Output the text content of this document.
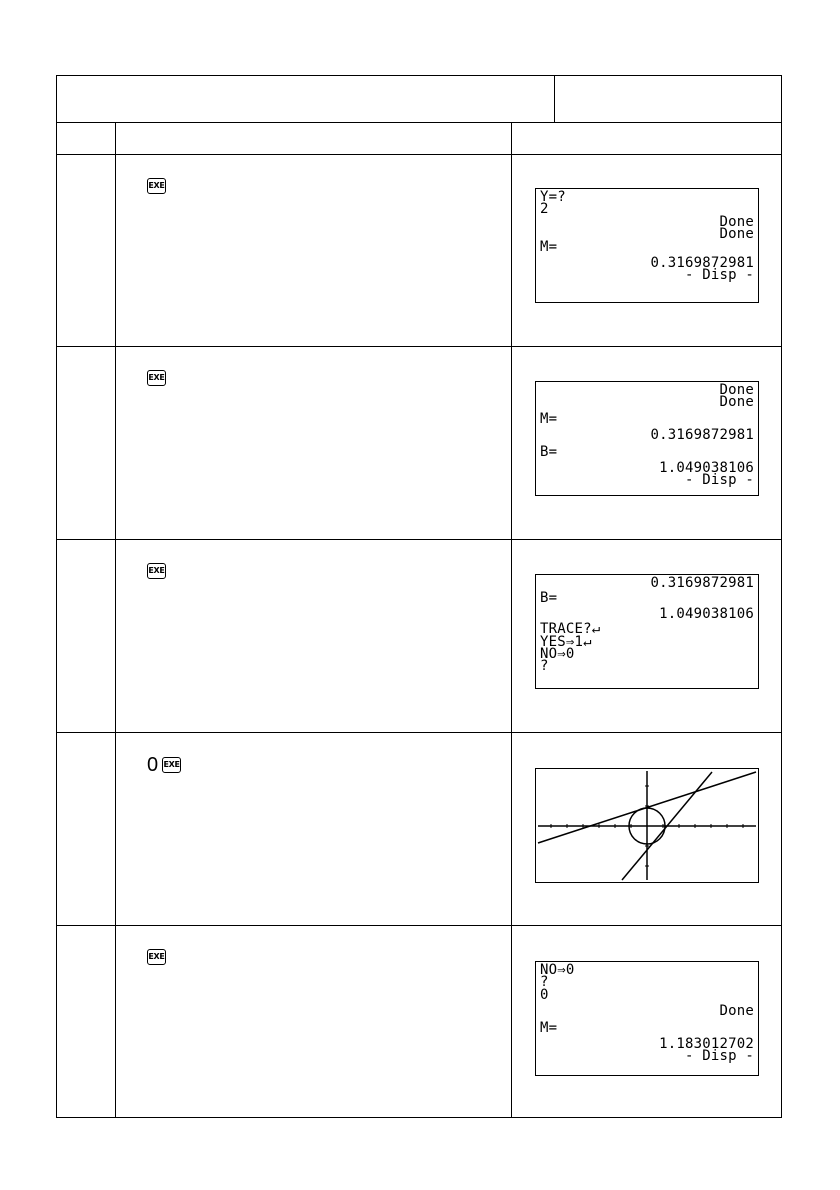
EXE
Y=?
2
Done
Done
M=
0.3169872981
- Disp -
EXE
Done
Done
M=
0.3169872981
B=
1.049038106
- Disp -
EXE
0.3169872981
B=
1.049038106
TRACE?↵
YES⇒1↵
NO⇒0
?
0 EXE
EXE
NO⇒0
?
0
Done
M=
1.183012702
- Disp -
